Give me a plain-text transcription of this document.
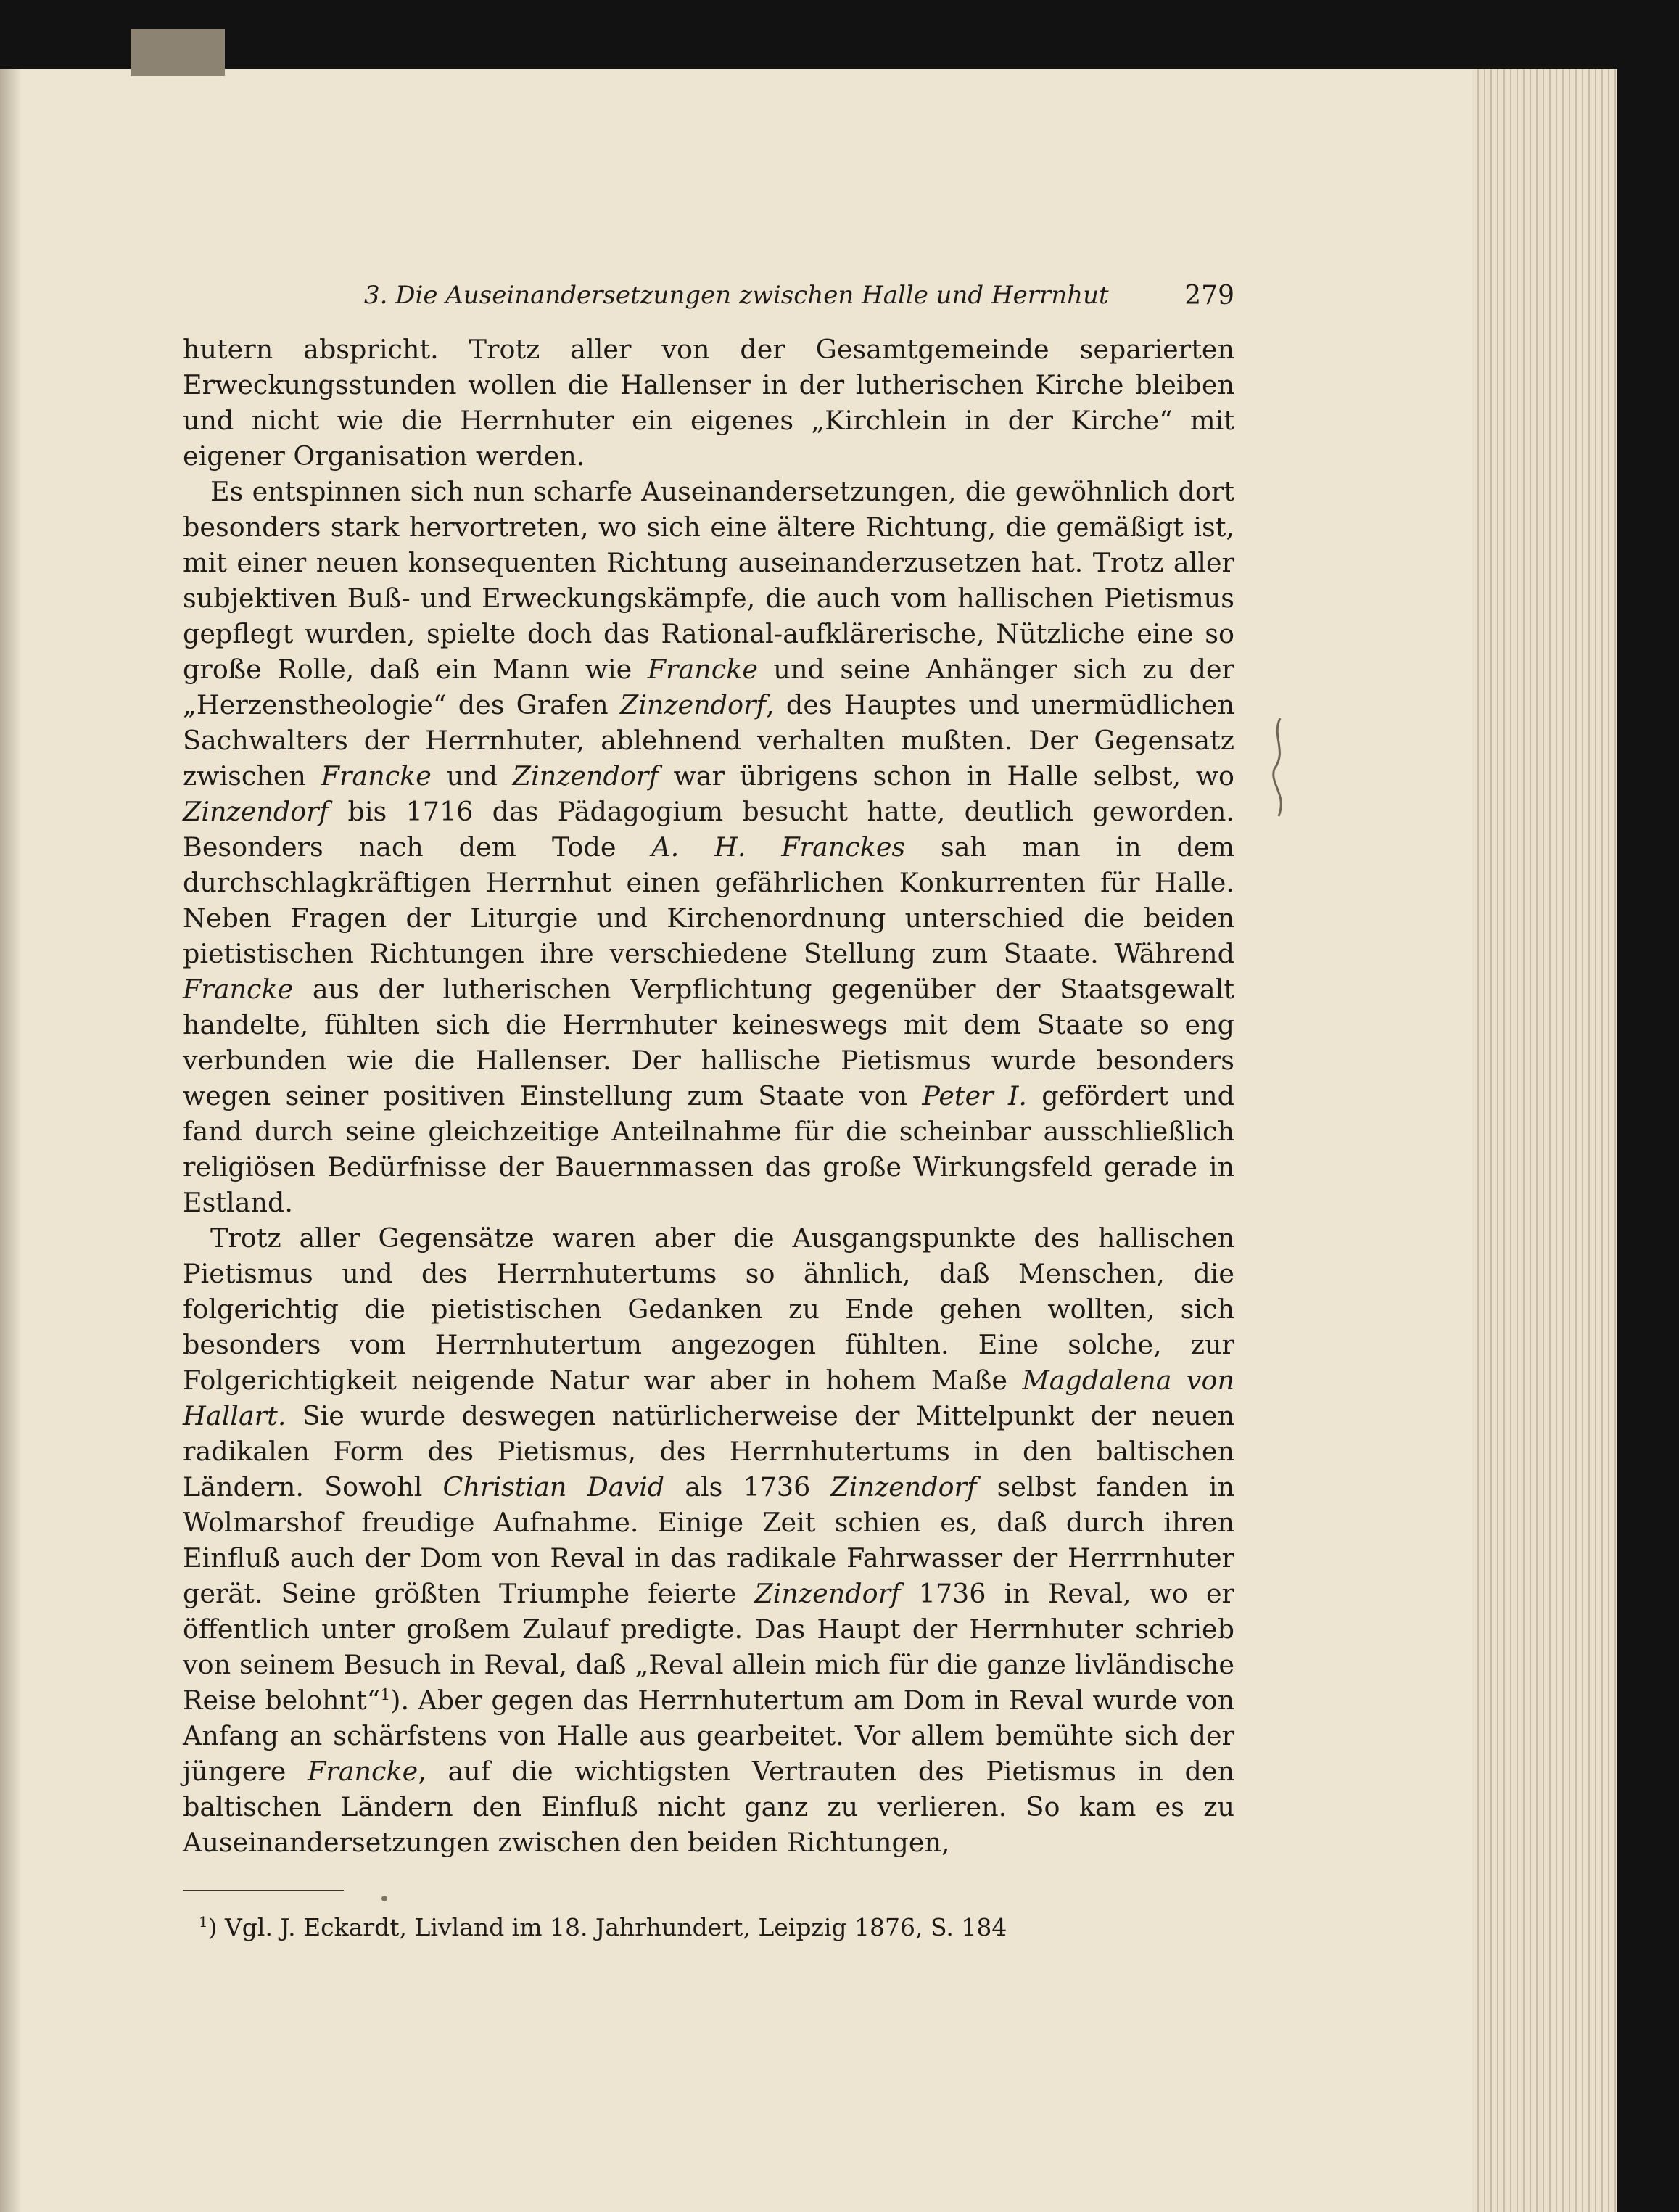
3. Die Auseinandersetzungen zwischen Halle und Herrnhut	279

hutern abspricht. Trotz aller von der Gesamtgemeinde separierten Erweckungsstunden wollen die Hallenser in der lutherischen Kirche bleiben und nicht wie die Herrnhuter ein eigenes „Kirchlein in der Kirche“ mit eigener Organisation werden.

Es entspinnen sich nun scharfe Auseinandersetzungen, die gewöhnlich dort besonders stark hervortreten, wo sich eine ältere Richtung, die gemäßigt ist, mit einer neuen konsequenten Richtung auseinanderzusetzen hat. Trotz aller subjektiven Buß- und Erweckungskämpfe, die auch vom hallischen Pietismus gepflegt wurden, spielte doch das Rational-aufklärerische, Nützliche eine so große Rolle, daß ein Mann wie Francke und seine Anhänger sich zu der „Herzenstheologie“ des Grafen Zinzendorf, des Hauptes und unermüdlichen Sachwalters der Herrnhuter, ablehnend verhalten mußten. Der Gegensatz zwischen Francke und Zinzendorf war übrigens schon in Halle selbst, wo Zinzendorf bis 1716 das Pädagogium besucht hatte, deutlich geworden. Besonders nach dem Tode A. H. Franckes sah man in dem durchschlagkräftigen Herrnhut einen gefährlichen Konkurrenten für Halle. Neben Fragen der Liturgie und Kirchenordnung unterschied die beiden pietistischen Richtungen ihre verschiedene Stellung zum Staate. Während Francke aus der lutherischen Verpflichtung gegenüber der Staatsgewalt handelte, fühlten sich die Herrnhuter keineswegs mit dem Staate so eng verbunden wie die Hallenser. Der hallische Pietismus wurde besonders wegen seiner positiven Einstellung zum Staate von Peter I. gefördert und fand durch seine gleichzeitige Anteilnahme für die scheinbar ausschließlich religiösen Bedürfnisse der Bauernmassen das große Wirkungsfeld gerade in Estland.

Trotz aller Gegensätze waren aber die Ausgangspunkte des hallischen Pietismus und des Herrnhutertums so ähnlich, daß Menschen, die folgerichtig die pietistischen Gedanken zu Ende gehen wollten, sich besonders vom Herrnhutertum angezogen fühlten. Eine solche, zur Folgerichtigkeit neigende Natur war aber in hohem Maße Magdalena von Hallart. Sie wurde deswegen natürlicherweise der Mittelpunkt der neuen radikalen Form des Pietismus, des Herrnhutertums in den baltischen Ländern. Sowohl Christian David als 1736 Zinzendorf selbst fanden in Wolmarshof freudige Aufnahme. Einige Zeit schien es, daß durch ihren Einfluß auch der Dom von Reval in das radikale Fahrwasser der Herrrnhuter gerät. Seine größten Triumphe feierte Zinzendorf 1736 in Reval, wo er öffentlich unter großem Zulauf predigte. Das Haupt der Herrnhuter schrieb von seinem Besuch in Reval, daß „Reval allein mich für die ganze livländische Reise belohnt“$^1$). Aber gegen das Herrnhutertum am Dom in Reval wurde von Anfang an schärfstens von Halle aus gearbeitet. Vor allem bemühte sich der jüngere Francke, auf die wichtigsten Vertrauten des Pietismus in den baltischen Ländern den Einfluß nicht ganz zu verlieren. So kam es zu Auseinandersetzungen zwischen den beiden Richtungen,

$^1$) Vgl. J. Eckardt, Livland im 18. Jahrhundert, Leipzig 1876, S. 184
